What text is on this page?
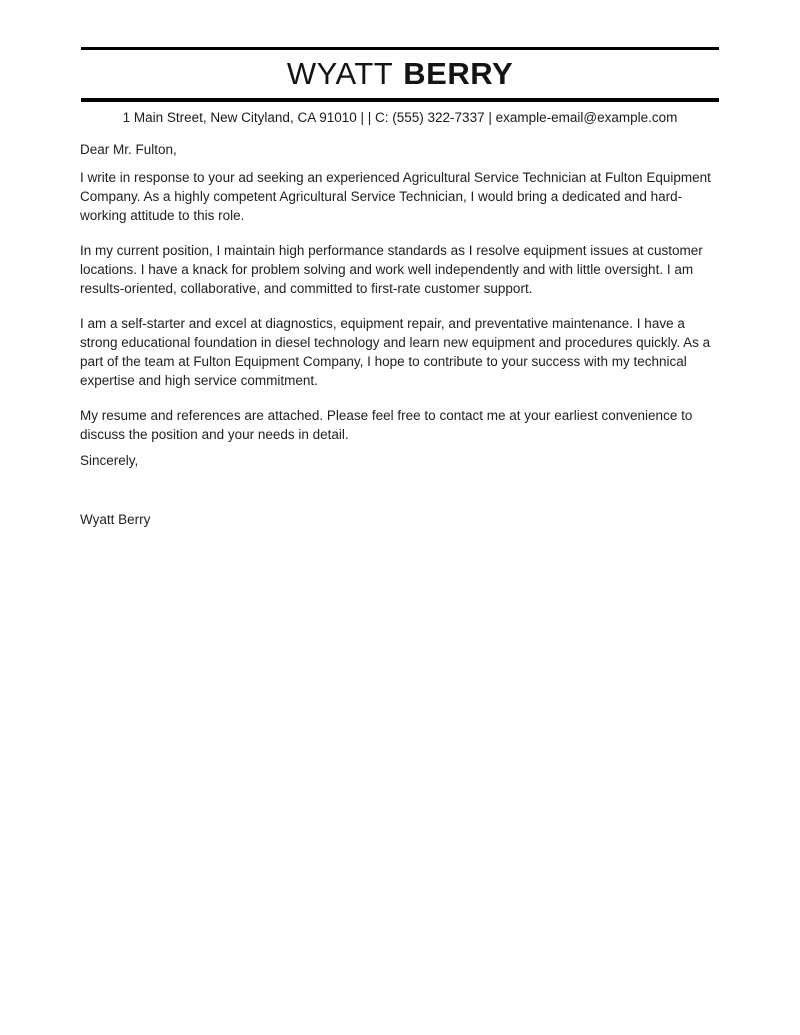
WYATT BERRY
1 Main Street, New Cityland, CA 91010 | | C: (555) 322-7337 | example-email@example.com

Dear Mr. Fulton,

I write in response to your ad seeking an experienced Agricultural Service Technician at Fulton Equipment Company. As a highly competent Agricultural Service Technician, I would bring a dedicated and hard-working attitude to this role.

In my current position, I maintain high performance standards as I resolve equipment issues at customer locations. I have a knack for problem solving and work well independently and with little oversight. I am results-oriented, collaborative, and committed to first-rate customer support.

I am a self-starter and excel at diagnostics, equipment repair, and preventative maintenance. I have a strong educational foundation in diesel technology and learn new equipment and procedures quickly. As a part of the team at Fulton Equipment Company, I hope to contribute to your success with my technical expertise and high service commitment.

My resume and references are attached. Please feel free to contact me at your earliest convenience to discuss the position and your needs in detail.

Sincerely,

Wyatt Berry
